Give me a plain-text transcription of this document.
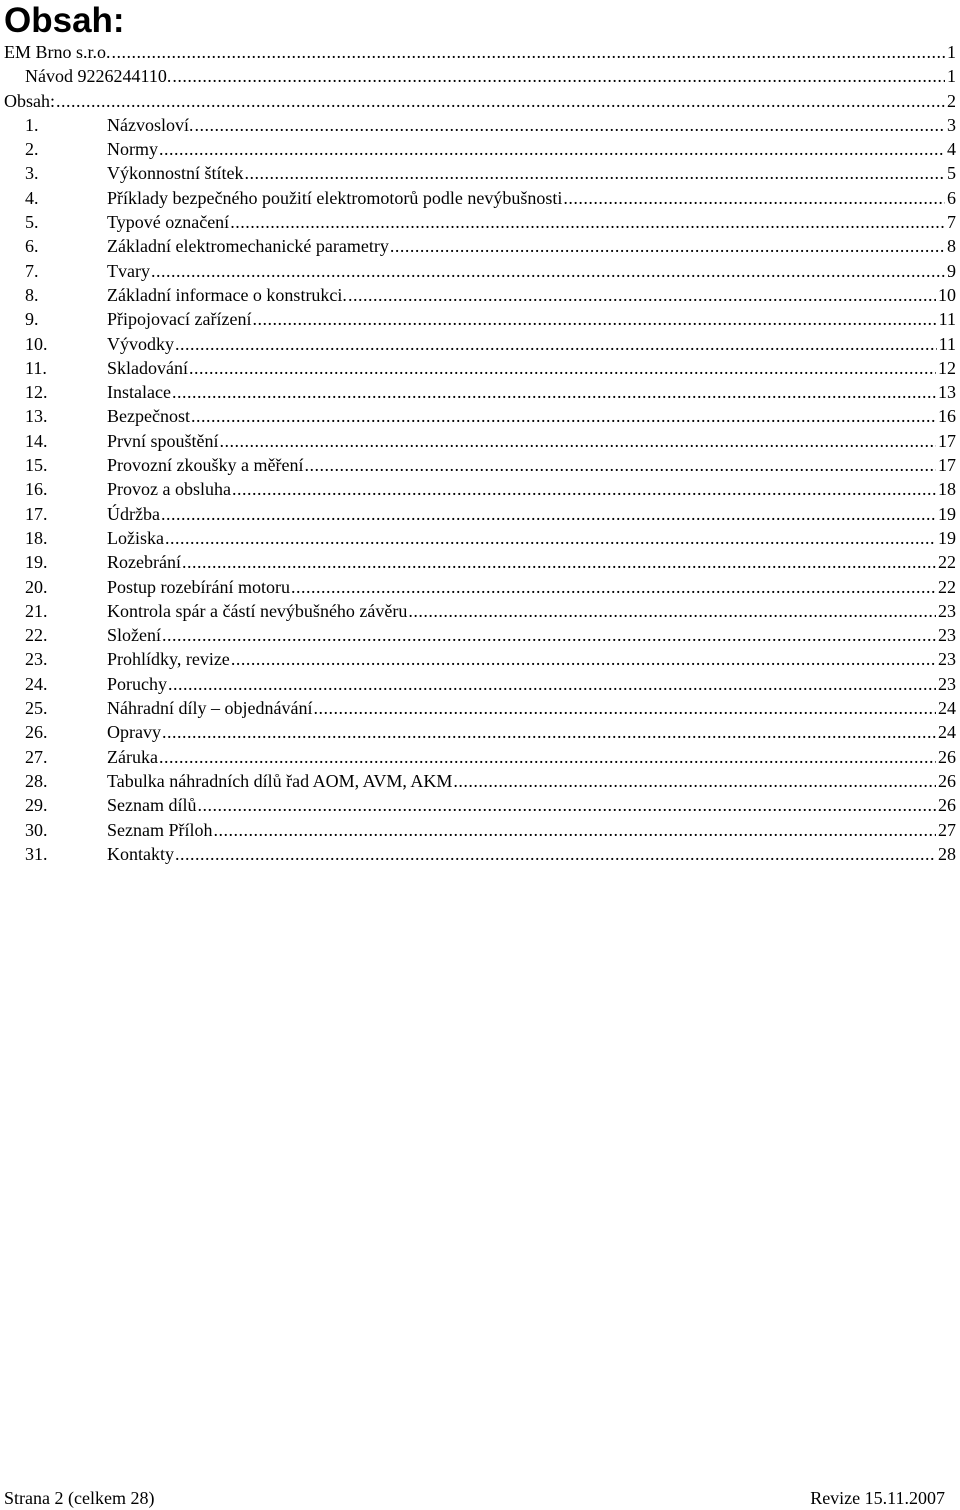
Obsah:
EM Brno s.r.o. .....	1
Návod 9226244110. .....	1
Obsah: .....	2
1.	Názvosloví. .....	3
2.	Normy .....	4
3.	Výkonnostní štítek .....	5
4.	Příklady bezpečného použití elektromotorů podle nevýbušnosti .....	6
5.	Typové označení .....	7
6.	Základní elektromechanické parametry .....	8
7.	Tvary .....	9
8.	Základní informace o konstrukci. .....	10
9.	Připojovací zařízení .....	11
10.	Vývodky .....	11
11.	Skladování .....	12
12.	Instalace .....	13
13.	Bezpečnost .....	16
14.	První spouštění .....	17
15.	Provozní zkoušky a měření .....	17
16.	Provoz a obsluha .....	18
17.	Údržba .....	19
18.	Ložiska .....	19
19.	Rozebrání .....	22
20.	Postup rozebírání motoru .....	22
21.	Kontrola spár a částí nevýbušného závěru .....	23
22.	Složení .....	23
23.	Prohlídky, revize .....	23
24.	Poruchy .....	23
25.	Náhradní díly – objednávání .....	24
26.	Opravy .....	24
27.	Záruka .....	26
28.	Tabulka náhradních dílů řad AOM, AVM, AKM .....	26
29.	Seznam dílů .....	26
30.	Seznam Příloh .....	27
31.	Kontakty .....	28
Strana 2 (celkem 28)	Revize 15.11.2007
